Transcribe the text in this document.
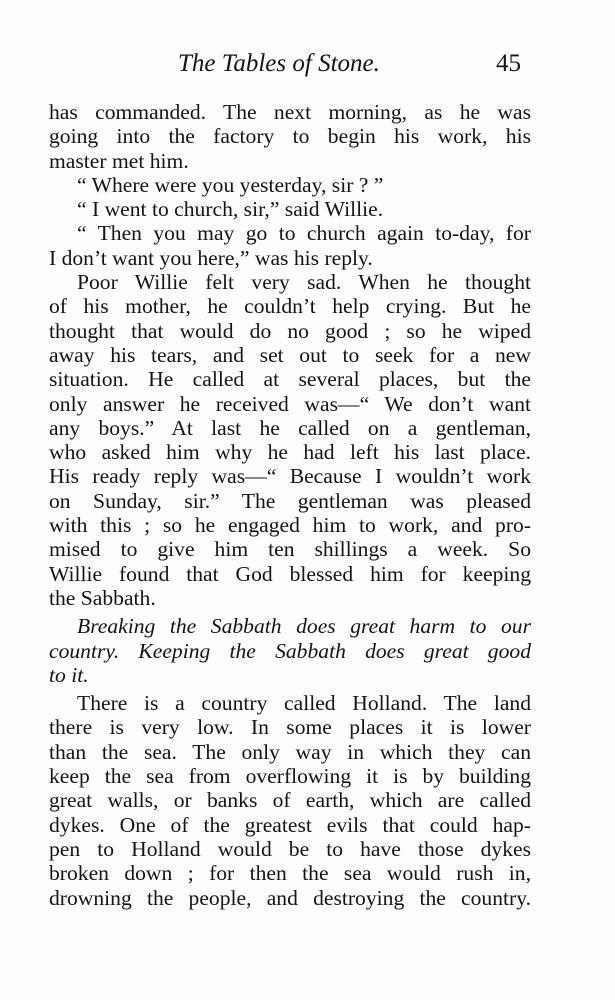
The Tables of Stone.	45
has commanded. The next morning, as he was
going into the factory to begin his work, his
master met him.
“ Where were you yesterday, sir ? ”
“ I went to church, sir,” said Willie.
“ Then you may go to church again to-day, for
I don’t want you here,” was his reply.
Poor Willie felt very sad. When he thought
of his mother, he couldn’t help crying. But he
thought that would do no good ; so he wiped
away his tears, and set out to seek for a new
situation. He called at several places, but the
only answer he received was—“ We don’t want
any boys.” At last he called on a gentleman,
who asked him why he had left his last place.
His ready reply was—“ Because I wouldn’t work
on Sunday, sir.” The gentleman was pleased
with this ; so he engaged him to work, and pro-
mised to give him ten shillings a week. So
Willie found that God blessed him for keeping
the Sabbath.
Breaking the Sabbath does great harm to our
country. Keeping the Sabbath does great good
to it.
There is a country called Holland. The land
there is very low. In some places it is lower
than the sea. The only way in which they can
keep the sea from overflowing it is by building
great walls, or banks of earth, which are called
dykes. One of the greatest evils that could hap-
pen to Holland would be to have those dykes
broken down ; for then the sea would rush in,
drowning the people, and destroying the country.
